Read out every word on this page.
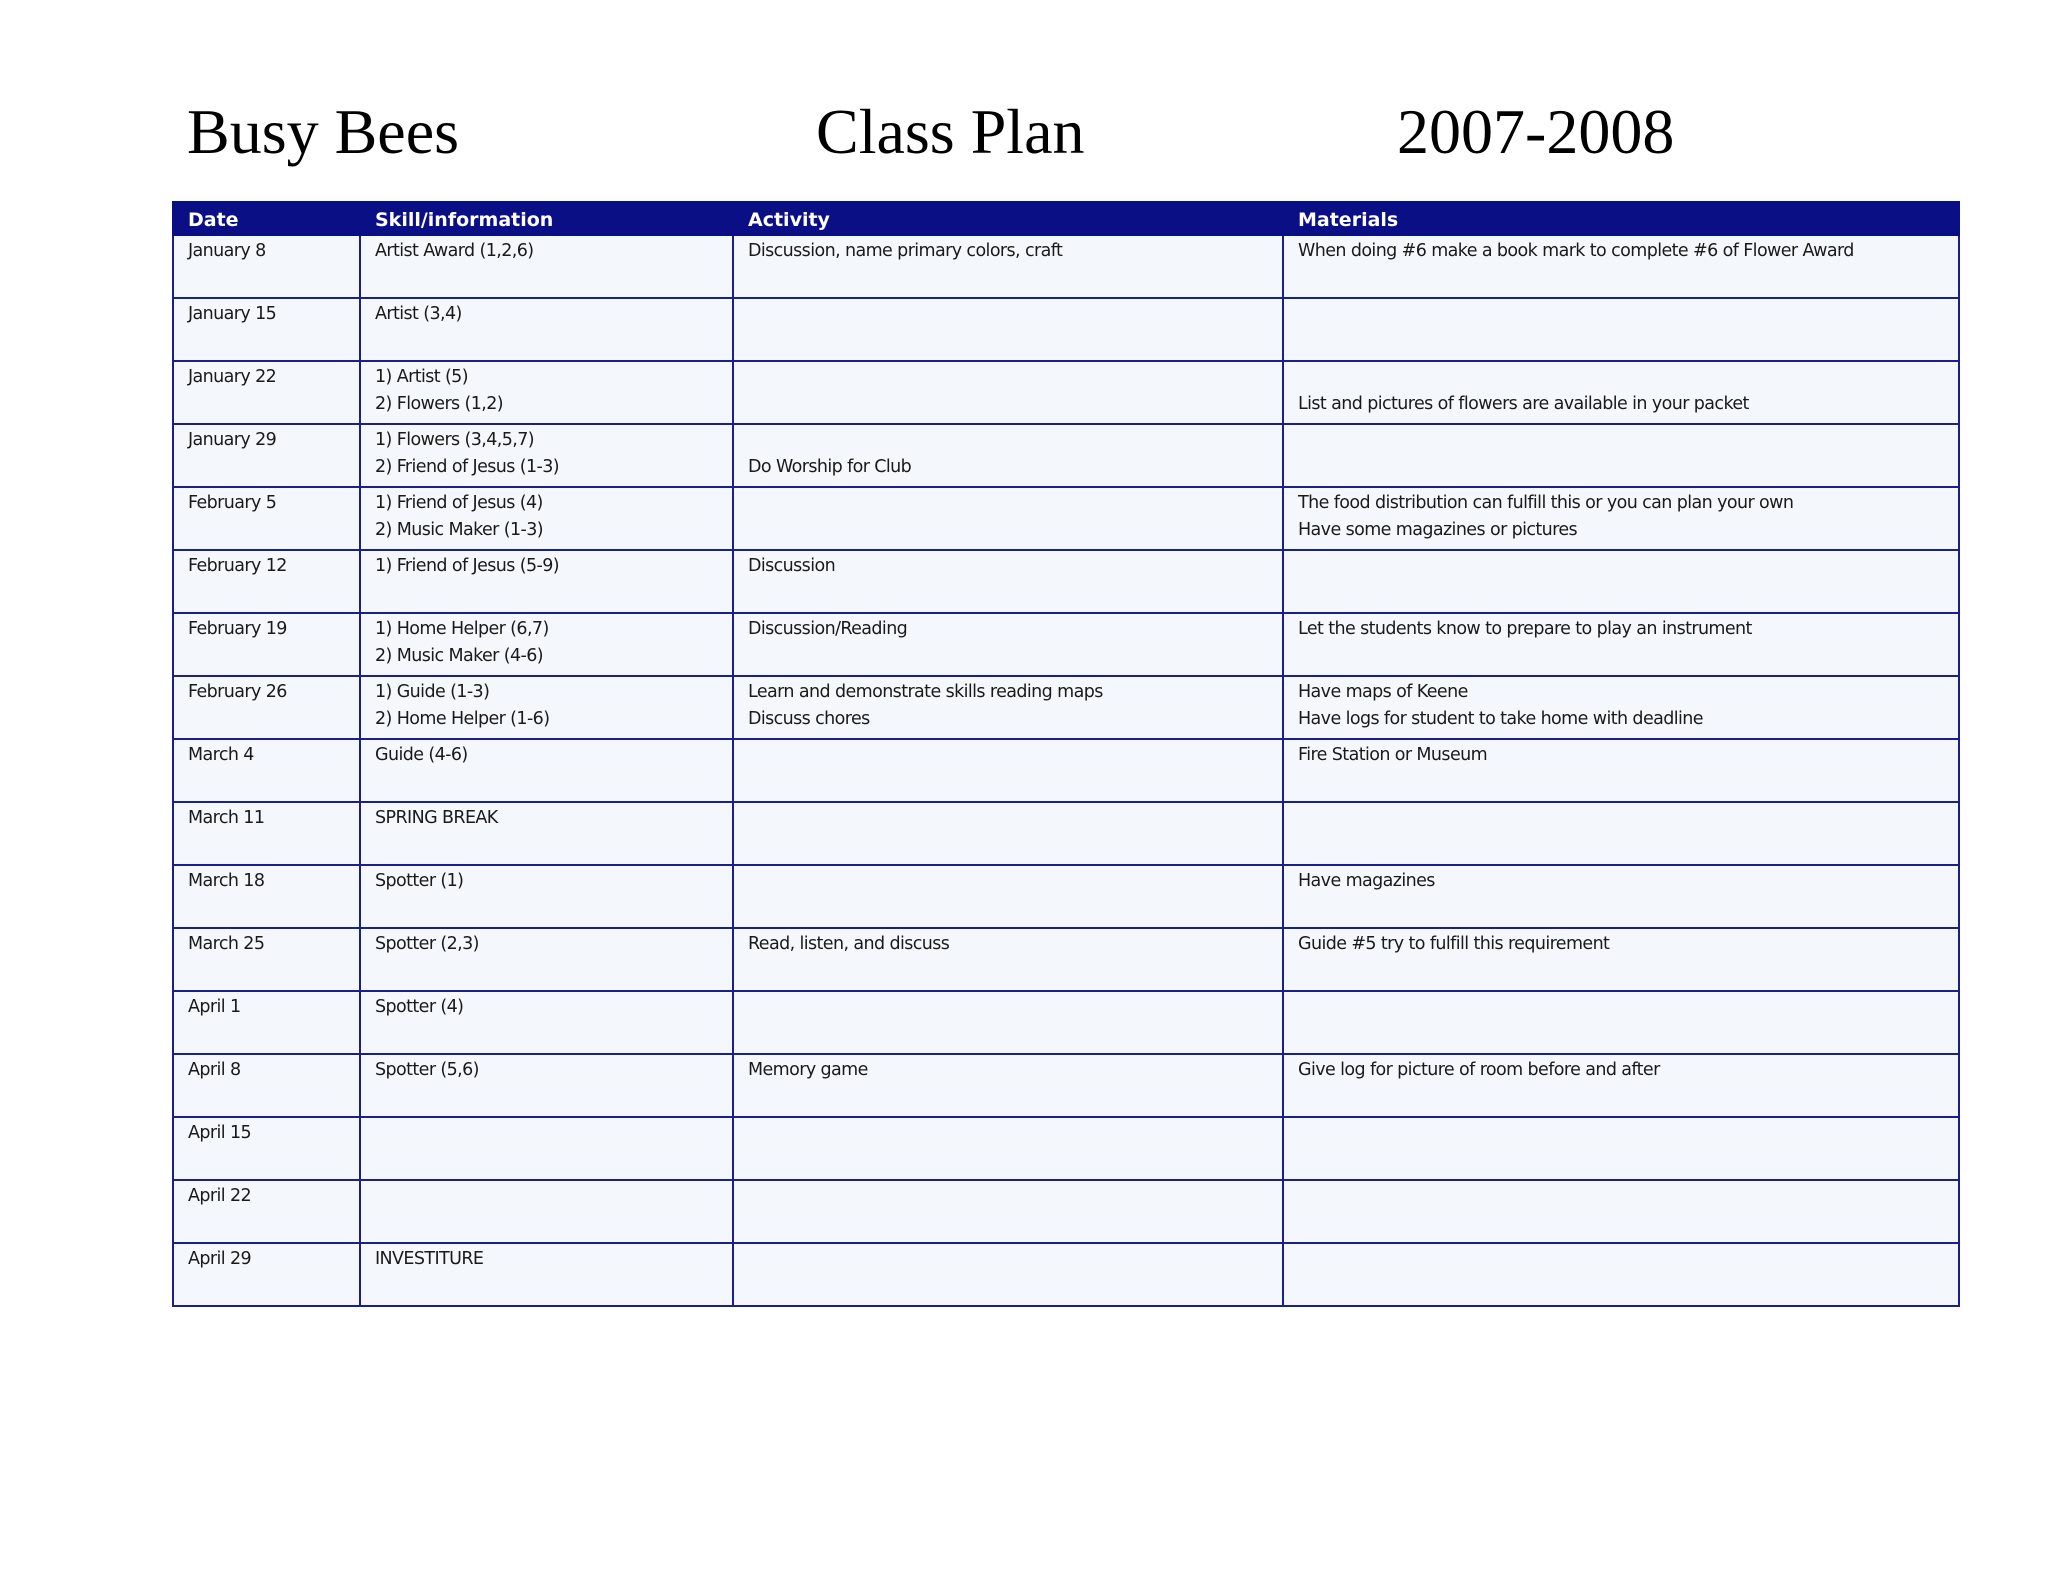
Busy Bees	Class Plan	2007-2008
Date	Skill/information	Activity	Materials

January 8	Artist Award (1,2,6)	Discussion, name primary colors, craft	When doing #6 make a book mark to complete #6 of Flower Award

January 15	Artist (3,4)		

January 22	1) Artist (5)
2) Flowers (1,2)		List and pictures of flowers are available in your packet

January 29	1) Flowers (3,4,5,7)
2) Friend of Jesus (1-3)	Do Worship for Club	

February 5	1) Friend of Jesus (4)
2) Music Maker (1-3)		The food distribution can fulfill this or you can plan your own
Have some magazines or pictures

February 12	1) Friend of Jesus (5-9)	Discussion	

February 19	1) Home Helper (6,7)
2) Music Maker (4-6)	Discussion/Reading	Let the students know to prepare to play an instrument

February 26	1) Guide (1-3)
2) Home Helper (1-6)	Learn and demonstrate skills reading maps
Discuss chores	Have maps of Keene
Have logs for student to take home with deadline

March 4	Guide (4-6)		Fire Station or Museum

March 11	SPRING BREAK		

March 18	Spotter (1)		Have magazines

March 25	Spotter (2,3)	Read, listen, and discuss	Guide #5 try to fulfill this requirement

April 1	Spotter (4)		

April 8	Spotter (5,6)	Memory game	Give log for picture of room before and after

April 15			

April 22			

April 29	INVESTITURE		
